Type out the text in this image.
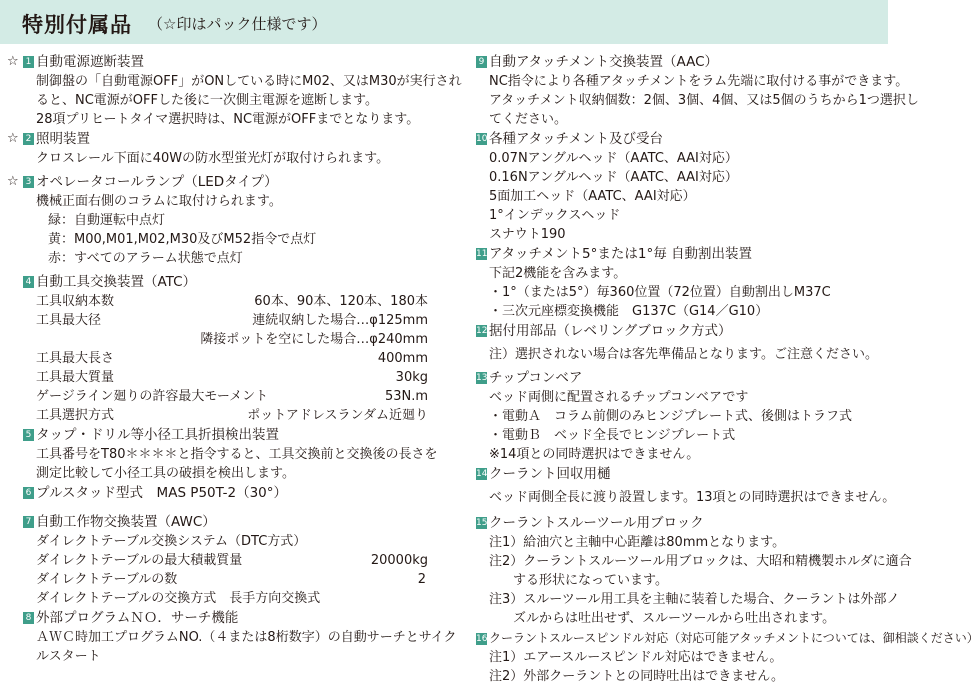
特別付属品 （☆印はパック仕様です）
☆ 1 自動電源遮断装置
制御盤の「自動電源OFF」がONしている時にM02、又はM30が実行され
ると、NC電源がOFFした後に一次側主電源を遮断します。
28項プリヒートタイマ選択時は、NC電源がOFFまでとなります。
☆ 2 照明装置
クロスレール下面に40Wの防水型蛍光灯が取付けられます。
☆ 3 オペレータコールランプ（LEDタイプ）
機械正面右側のコラムに取付けられます。
緑：自動運転中点灯
黄：M00,M01,M02,M30及びM52指令で点灯
赤：すべてのアラーム状態で点灯
4 自動工具交換装置（ATC）
工具収納本数	60本、90本、120本、180本
工具最大径	連続収納した場合…φ125mm
隣接ポットを空にした場合…φ240mm
工具最大長さ	400mm
工具最大質量	30kg
ゲージライン廻りの許容最大モーメント	53N.m
工具選択方式	ポットアドレスランダム近廻り
5 タップ・ドリル等小径工具折損検出装置
工具番号をT80＊＊＊＊と指令すると、工具交換前と交換後の長さを
測定比較して小径工具の破損を検出します。
6 プルスタッド型式　MAS P50T-2（30°）
7 自動工作物交換装置（AWC）
ダイレクトテーブル交換システム（DTC方式）
ダイレクトテーブルの最大積載質量	20000kg
ダイレクトテーブルの数	2
ダイレクトテーブルの交換方式　長手方向交換式
8 外部プログラムＮＯ．サーチ機能
ＡＷＣ時加工プログラムNO.（４または8桁数字）の自動サーチとサイク
ルスタート
9 自動アタッチメント交換装置（AAC）
NC指令により各種アタッチメントをラム先端に取付ける事ができます。
アタッチメント収納個数：2個、3個、4個、又は5個のうちから1つ選択し
てください。
10 各種アタッチメント及び受台
0.07Nアングルヘッド（AATC、AAI対応）
0.16Nアングルヘッド（AATC、AAI対応）
5面加工ヘッド（AATC、AAI対応）
1°インデックスヘッド
スナウト190
11 アタッチメント5°または1°毎 自動割出装置
下記2機能を含みます。
・1°（または5°）毎360位置（72位置）自動割出しM37C
・三次元座標変換機能　G137C（G14／G10）
12 据付用部品（レベリングブロック方式）
注）選択されない場合は客先準備品となります。ご注意ください。
13 チップコンベア
ベッド両側に配置されるチップコンベアです
・電動Ａ　コラム前側のみヒンジプレート式、後側はトラフ式
・電動Ｂ　ベッド全長でヒンジプレート式
※14項との同時選択はできません。
14 クーラント回収用樋
ベッド両側全長に渡り設置します。13項との同時選択はできません。
15 クーラントスルーツール用ブロック
注1）給油穴と主軸中心距離は80mmとなります。
注2）クーラントスルーツール用ブロックは、大昭和精機製ホルダに適合
する形状になっています。
注3）スルーツール用工具を主軸に装着した場合、クーラントは外部ノ
ズルからは吐出せず、スルーツールから吐出されます。
16 クーラントスルースピンドル対応（対応可能アタッチメントについては、御相談ください）
注1）エアースルースピンドル対応はできません。
注2）外部クーラントとの同時吐出はできません。
